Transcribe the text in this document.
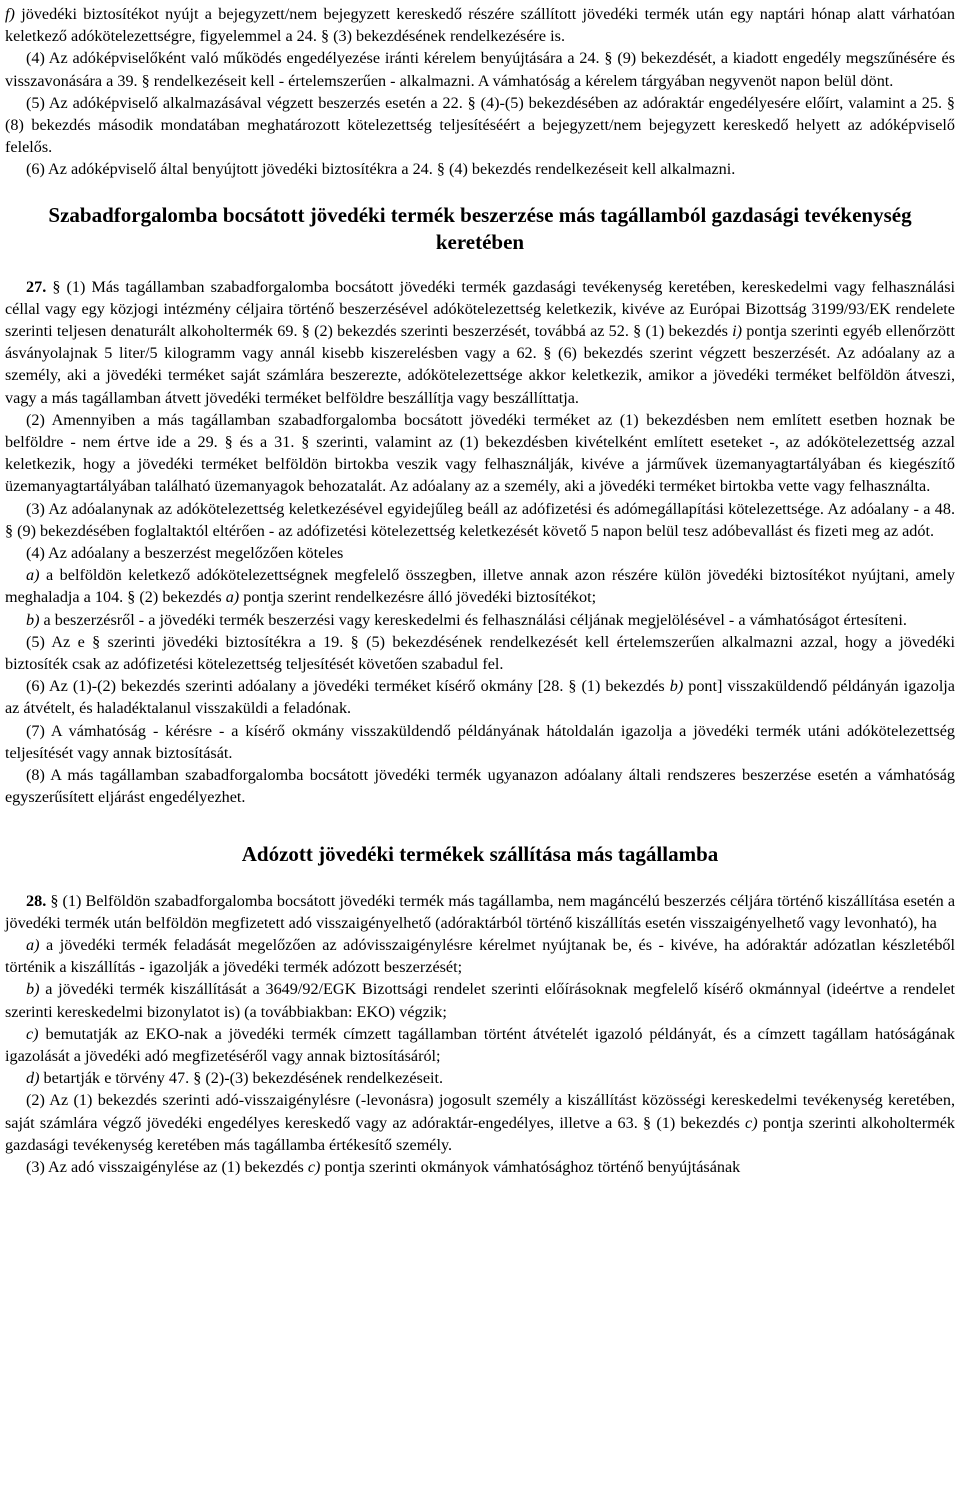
f) jövedéki biztosítékot nyújt a bejegyzett/nem bejegyzett kereskedő részére szállított jövedéki termék után egy naptári hónap alatt várhatóan keletkező adókötelezettségre, figyelemmel a 24. § (3) bekezdésének rendelkezésére is.

(4) Az adóképviselőként való működés engedélyezése iránti kérelem benyújtására a 24. § (9) bekezdését, a kiadott engedély megszűnésére és visszavonására a 39. § rendelkezéseit kell - értelemszerűen - alkalmazni. A vámhatóság a kérelem tárgyában negyvenöt napon belül dönt.

(5) Az adóképviselő alkalmazásával végzett beszerzés esetén a 22. § (4)-(5) bekezdésében az adóraktár engedélyesére előírt, valamint a 25. § (8) bekezdés második mondatában meghatározott kötelezettség teljesítéséért a bejegyzett/nem bejegyzett kereskedő helyett az adóképviselő felelős.

(6) Az adóképviselő által benyújtott jövedéki biztosítékra a 24. § (4) bekezdés rendelkezéseit kell alkalmazni.

Szabadforgalomba bocsátott jövedéki termék beszerzése más tagállamból gazdasági tevékenység keretében

27. § (1) Más tagállamban szabadforgalomba bocsátott jövedéki termék gazdasági tevékenység keretében, kereskedelmi vagy felhasználási céllal vagy egy közjogi intézmény céljaira történő beszerzésével adókötelezettség keletkezik, kivéve az Európai Bizottság 3199/93/EK rendelete szerinti teljesen denaturált alkoholtermék 69. § (2) bekezdés szerinti beszerzését, továbbá az 52. § (1) bekezdés i) pontja szerinti egyéb ellenőrzött ásványolajnak 5 liter/5 kilogramm vagy annál kisebb kiszerelésben vagy a 62. § (6) bekezdés szerint végzett beszerzését. Az adóalany az a személy, aki a jövedéki terméket saját számlára beszerezte, adókötelezettsége akkor keletkezik, amikor a jövedéki terméket belföldön átveszi, vagy a más tagállamban átvett jövedéki terméket belföldre beszállítja vagy beszállíttatja.

(2) Amennyiben a más tagállamban szabadforgalomba bocsátott jövedéki terméket az (1) bekezdésben nem említett esetben hoznak be belföldre - nem értve ide a 29. § és a 31. § szerinti, valamint az (1) bekezdésben kivételként említett eseteket -, az adókötelezettség azzal keletkezik, hogy a jövedéki terméket belföldön birtokba veszik vagy felhasználják, kivéve a járművek üzemanyagtartályában és kiegészítő üzemanyagtartályában található üzemanyagok behozatalát. Az adóalany az a személy, aki a jövedéki terméket birtokba vette vagy felhasználta.

(3) Az adóalanynak az adókötelezettség keletkezésével egyidejűleg beáll az adófizetési és adómegállapítási kötelezettsége. Az adóalany - a 48. § (9) bekezdésében foglaltaktól eltérően - az adófizetési kötelezettség keletkezését követő 5 napon belül tesz adóbevallást és fizeti meg az adót.

(4) Az adóalany a beszerzést megelőzően köteles

a) a belföldön keletkező adókötelezettségnek megfelelő összegben, illetve annak azon részére külön jövedéki biztosítékot nyújtani, amely meghaladja a 104. § (2) bekezdés a) pontja szerint rendelkezésre álló jövedéki biztosítékot;

b) a beszerzésről - a jövedéki termék beszerzési vagy kereskedelmi és felhasználási céljának megjelölésével - a vámhatóságot értesíteni.

(5) Az e § szerinti jövedéki biztosítékra a 19. § (5) bekezdésének rendelkezését kell értelemszerűen alkalmazni azzal, hogy a jövedéki biztosíték csak az adófizetési kötelezettség teljesítését követően szabadul fel.

(6) Az (1)-(2) bekezdés szerinti adóalany a jövedéki terméket kísérő okmány [28. § (1) bekezdés b) pont] visszaküldendő példányán igazolja az átvételt, és haladéktalanul visszaküldi a feladónak.

(7) A vámhatóság - kérésre - a kísérő okmány visszaküldendő példányának hátoldalán igazolja a jövedéki termék utáni adókötelezettség teljesítését vagy annak biztosítását.

(8) A más tagállamban szabadforgalomba bocsátott jövedéki termék ugyanazon adóalany általi rendszeres beszerzése esetén a vámhatóság egyszerűsített eljárást engedélyezhet.

Adózott jövedéki termékek szállítása más tagállamba

28. § (1) Belföldön szabadforgalomba bocsátott jövedéki termék más tagállamba, nem magáncélú beszerzés céljára történő kiszállítása esetén a jövedéki termék után belföldön megfizetett adó visszaigényelhető (adóraktárból történő kiszállítás esetén visszaigényelhető vagy levonható), ha

a) a jövedéki termék feladását megelőzően az adóvisszaigénylésre kérelmet nyújtanak be, és - kivéve, ha adóraktár adózatlan készletéből történik a kiszállítás - igazolják a jövedéki termék adózott beszerzését;

b) a jövedéki termék kiszállítását a 3649/92/EGK Bizottsági rendelet szerinti előírásoknak megfelelő kísérő okmánnyal (ideértve a rendelet szerinti kereskedelmi bizonylatot is) (a továbbiakban: EKO) végzik;

c) bemutatják az EKO-nak a jövedéki termék címzett tagállamban történt átvételét igazoló példányát, és a címzett tagállam hatóságának igazolását a jövedéki adó megfizetéséről vagy annak biztosításáról;

d) betartják e törvény 47. § (2)-(3) bekezdésének rendelkezéseit.

(2) Az (1) bekezdés szerinti adó-visszaigénylésre (-levonásra) jogosult személy a kiszállítást közösségi kereskedelmi tevékenység keretében, saját számlára végző jövedéki engedélyes kereskedő vagy az adóraktár-engedélyes, illetve a 63. § (1) bekezdés c) pontja szerinti alkoholtermék gazdasági tevékenység keretében más tagállamba értékesítő személy.

(3) Az adó visszaigénylése az (1) bekezdés c) pontja szerinti okmányok vámhatósághoz történő benyújtásának
